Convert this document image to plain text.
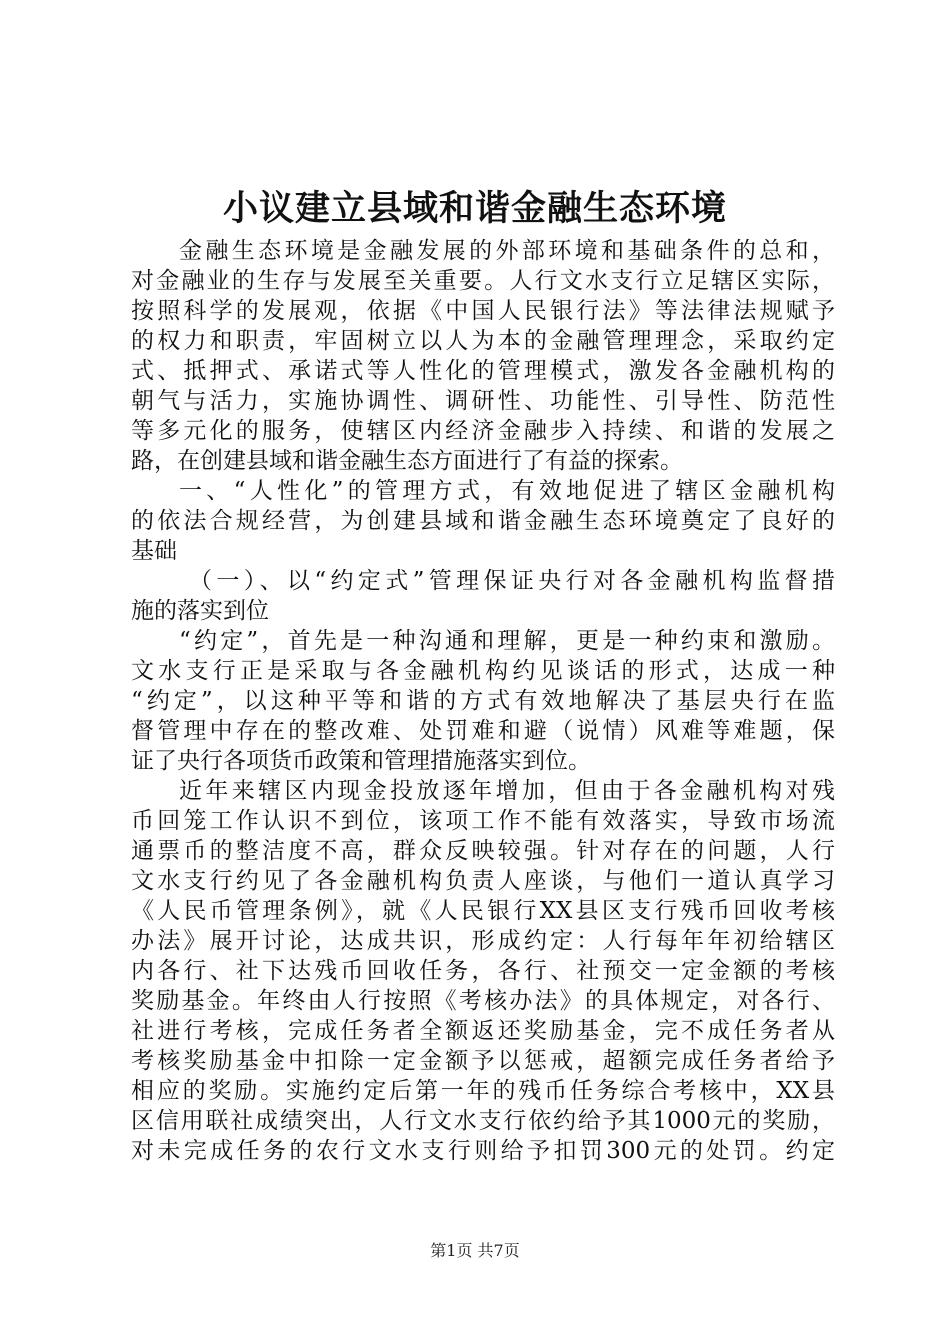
小议建立县域和谐金融生态环境
金融生态环境是金融发展的外部环境和基础条件的总和，
对金融业的生存与发展至关重要。人行文水支行立足辖区实际，
按照科学的发展观，依据《中国人民银行法》等法律法规赋予
的权力和职责，牢固树立以人为本的金融管理理念，采取约定
式、抵押式、承诺式等人性化的管理模式，激发各金融机构的
朝气与活力，实施协调性、调研性、功能性、引导性、防范性
等多元化的服务，使辖区内经济金融步入持续、和谐的发展之
路，在创建县域和谐金融生态方面进行了有益的探索。
一、“人性化”的管理方式，有效地促进了辖区金融机构
的依法合规经营，为创建县域和谐金融生态环境奠定了良好的
基础
（一）、以“约定式”管理保证央行对各金融机构监督措
施的落实到位
“约定”，首先是一种沟通和理解，更是一种约束和激励。
文水支行正是采取与各金融机构约见谈话的形式，达成一种
“约定”，以这种平等和谐的方式有效地解决了基层央行在监
督管理中存在的整改难、处罚难和避（说情）风难等难题，保
证了央行各项货币政策和管理措施落实到位。
近年来辖区内现金投放逐年增加，但由于各金融机构对残
币回笼工作认识不到位，该项工作不能有效落实，导致市场流
通票币的整洁度不高，群众反映较强。针对存在的问题，人行
文水支行约见了各金融机构负责人座谈，与他们一道认真学习
《人民币管理条例》，就《人民银行XX县区支行残币回收考核
办法》展开讨论，达成共识，形成约定：人行每年年初给辖区
内各行、社下达残币回收任务，各行、社预交一定金额的考核
奖励基金。年终由人行按照《考核办法》的具体规定，对各行、
社进行考核，完成任务者全额返还奖励基金，完不成任务者从
考核奖励基金中扣除一定金额予以惩戒，超额完成任务者给予
相应的奖励。实施约定后第一年的残币任务综合考核中，XX县
区信用联社成绩突出，人行文水支行依约给予其1000元的奖励，
对未完成任务的农行文水支行则给予扣罚300元的处罚。约定
第1页 共7页
